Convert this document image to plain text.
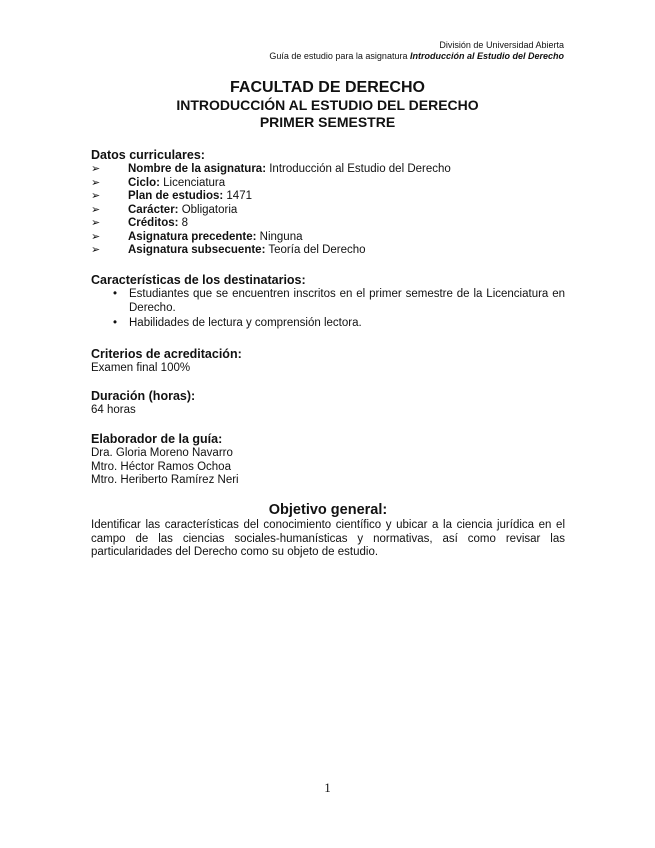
División de Universidad Abierta
Guía de estudio para la asignatura Introducción al Estudio del Derecho
FACULTAD DE DERECHO
INTRODUCCIÓN AL ESTUDIO DEL DERECHO
PRIMER SEMESTRE
Datos curriculares:
➢ Nombre de la asignatura: Introducción al Estudio del Derecho
➢ Ciclo: Licenciatura
➢ Plan de estudios: 1471
➢ Carácter: Obligatoria
➢ Créditos: 8
➢ Asignatura precedente: Ninguna
➢ Asignatura subsecuente: Teoría del Derecho
Características de los destinatarios:
• Estudiantes que se encuentren inscritos en el primer semestre de la Licenciatura en Derecho.
• Habilidades de lectura y comprensión lectora.
Criterios de acreditación:
Examen final 100%
Duración (horas):
64 horas
Elaborador de la guía:
Dra. Gloria Moreno Navarro
Mtro. Héctor Ramos Ochoa
Mtro. Heriberto Ramírez Neri
Objetivo general:
Identificar las características del conocimiento científico y ubicar a la ciencia jurídica en el campo de las ciencias sociales-humanísticas y normativas, así como revisar las particularidades del Derecho como su objeto de estudio.
1
